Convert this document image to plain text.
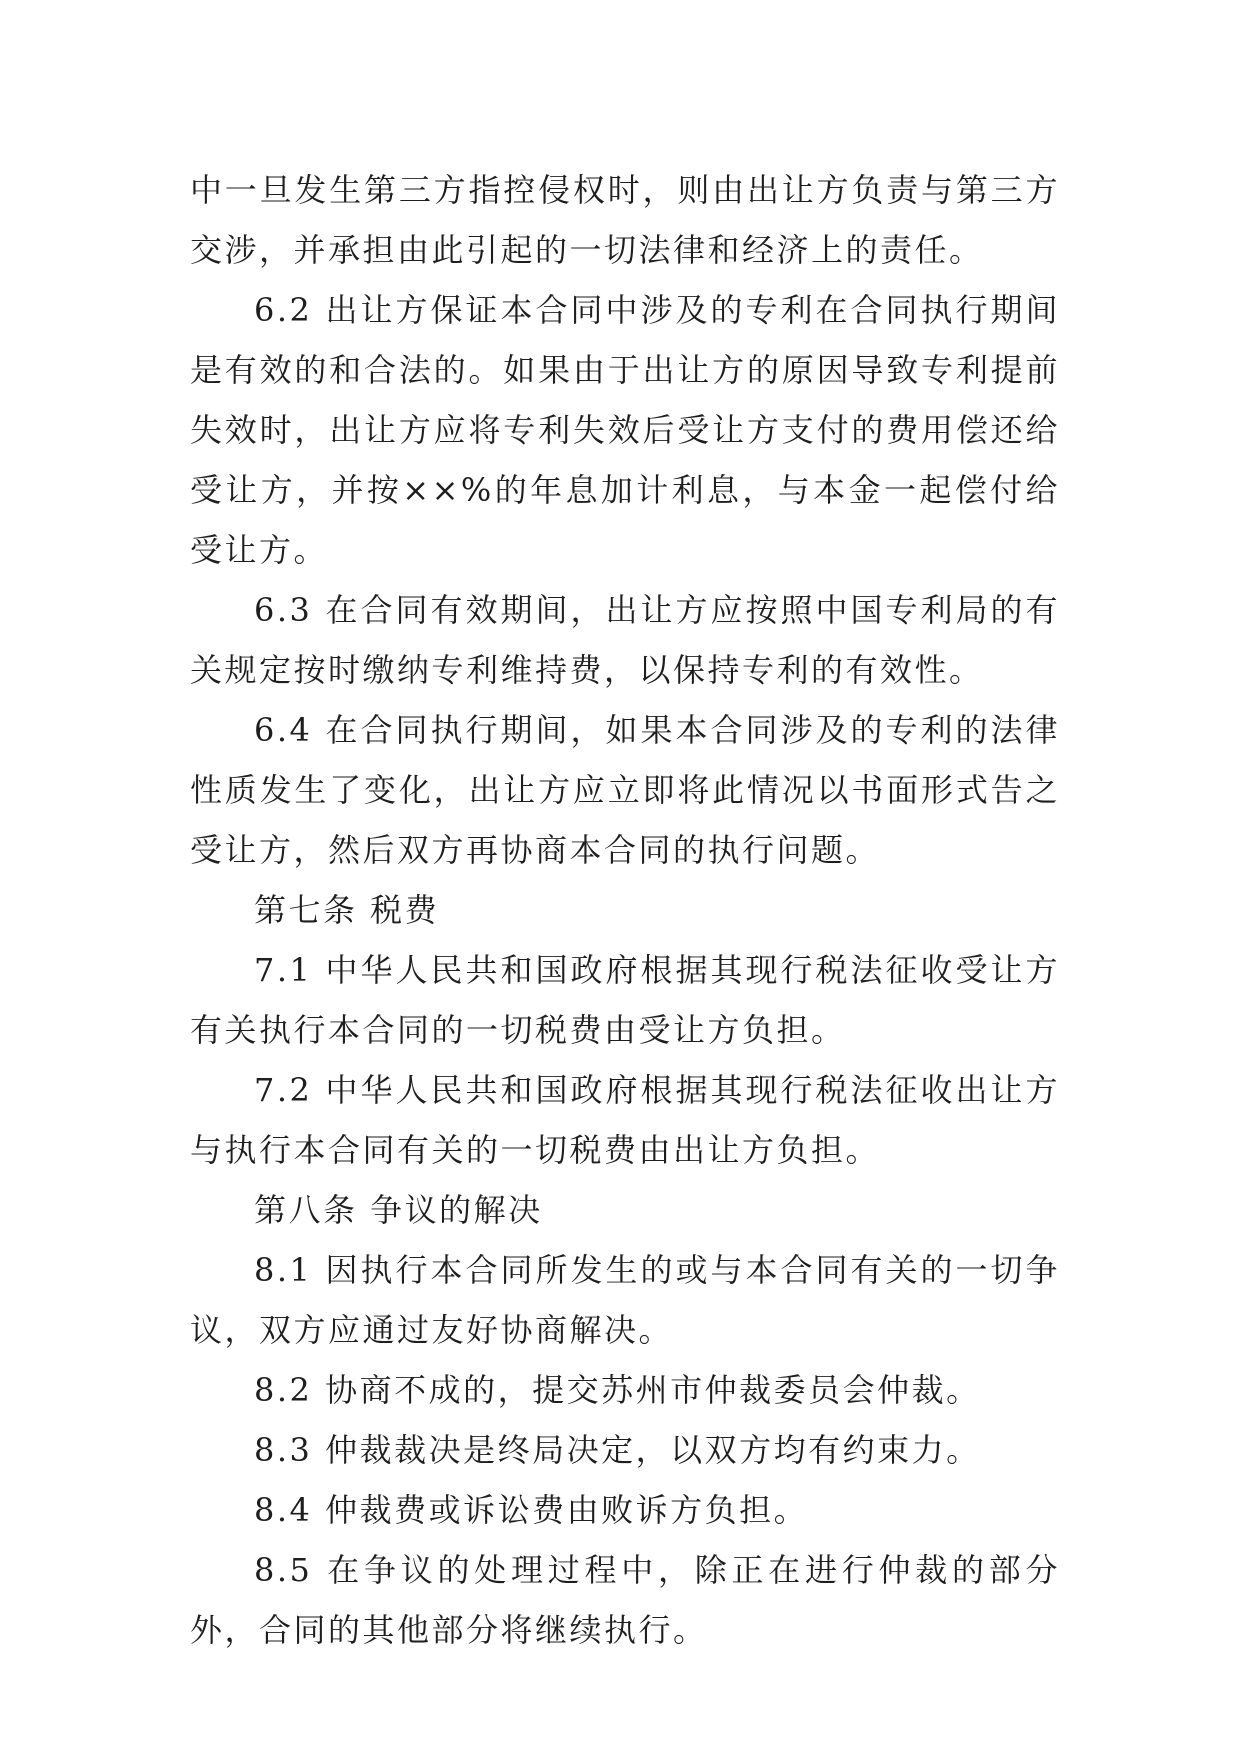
中一旦发生第三方指控侵权时，则由出让方负责与第三方交涉，并承担由此引起的一切法律和经济上的责任。

6.2 出让方保证本合同中涉及的专利在合同执行期间是有效的和合法的。如果由于出让方的原因导致专利提前失效时，出让方应将专利失效后受让方支付的费用偿还给受让方，并按××%的年息加计利息，与本金一起偿付给受让方。

6.3 在合同有效期间，出让方应按照中国专利局的有关规定按时缴纳专利维持费，以保持专利的有效性。

6.4 在合同执行期间，如果本合同涉及的专利的法律性质发生了变化，出让方应立即将此情况以书面形式告之受让方，然后双方再协商本合同的执行问题。

第七条 税费

7.1 中华人民共和国政府根据其现行税法征收受让方有关执行本合同的一切税费由受让方负担。

7.2 中华人民共和国政府根据其现行税法征收出让方与执行本合同有关的一切税费由出让方负担。

第八条 争议的解决

8.1 因执行本合同所发生的或与本合同有关的一切争议，双方应通过友好协商解决。

8.2 协商不成的，提交苏州市仲裁委员会仲裁。

8.3 仲裁裁决是终局决定，以双方均有约束力。

8.4 仲裁费或诉讼费由败诉方负担。

8.5 在争议的处理过程中，除正在进行仲裁的部分外，合同的其他部分将继续执行。
